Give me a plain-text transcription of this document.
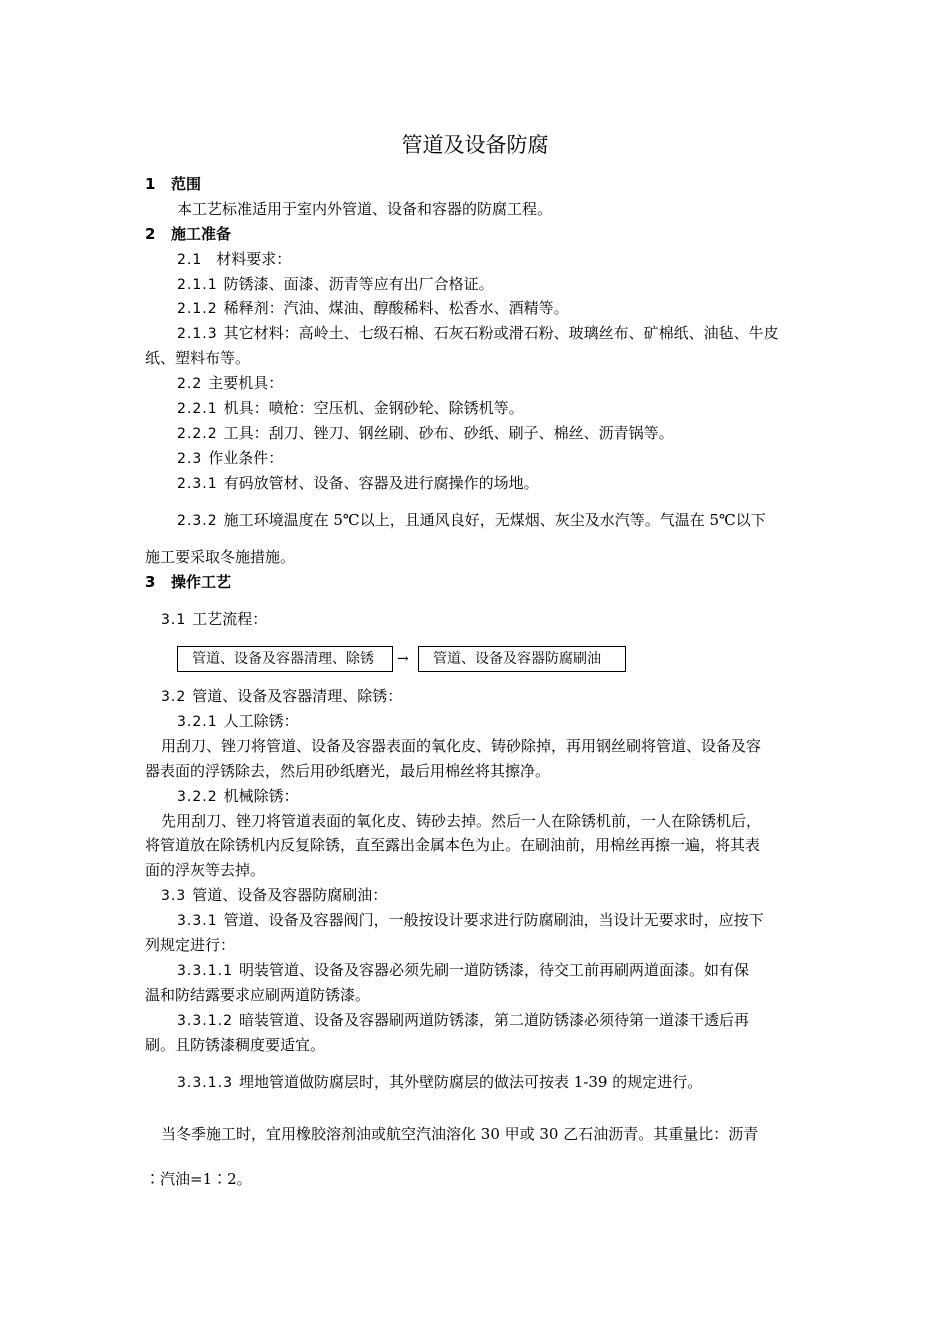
管道及设备防腐
1 范围
本工艺标准适用于室内外管道、设备和容器的防腐工程。
2 施工准备
2.1 材料要求：
2.1.1 防锈漆、面漆、沥青等应有出厂合格证。
2.1.2 稀释剂：汽油、煤油、醇酸稀料、松香水、酒精等。
2.1.3 其它材料：高岭土、七级石棉、石灰石粉或滑石粉、玻璃丝布、矿棉纸、油毡、牛皮
纸、塑料布等。
2.2 主要机具：
2.2.1 机具：喷枪：空压机、金钢砂轮、除锈机等。
2.2.2 工具：刮刀、锉刀、钢丝刷、砂布、砂纸、刷子、棉丝、沥青锅等。
2.3 作业条件：
2.3.1 有码放管材、设备、容器及进行腐操作的场地。
2.3.2 施工环境温度在 5℃以上，且通风良好，无煤烟、灰尘及水汽等。气温在 5℃以下
施工要采取冬施措施。
3 操作工艺
3.1 工艺流程：
管道、设备及容器清理、除锈	→	管道、设备及容器防腐刷油
3.2 管道、设备及容器清理、除锈：
3.2.1 人工除锈：
用刮刀、锉刀将管道、设备及容器表面的氧化皮、铸砂除掉，再用钢丝刷将管道、设备及容
器表面的浮锈除去，然后用砂纸磨光，最后用棉丝将其擦净。
3.2.2 机械除锈：
先用刮刀、锉刀将管道表面的氧化皮、铸砂去掉。然后一人在除锈机前，一人在除锈机后，
将管道放在除锈机内反复除锈，直至露出金属本色为止。在刷油前，用棉丝再擦一遍，将其表
面的浮灰等去掉。
3.3 管道、设备及容器防腐刷油：
3.3.1 管道、设备及容器阀门，一般按设计要求进行防腐刷油，当设计无要求时，应按下
列规定进行：
3.3.1.1 明装管道、设备及容器必须先刷一道防锈漆，待交工前再刷两道面漆。如有保
温和防结露要求应刷两道防锈漆。
3.3.1.2 暗装管道、设备及容器刷两道防锈漆，第二道防锈漆必须待第一道漆干透后再
刷。且防锈漆稠度要适宜。
3.3.1.3 埋地管道做防腐层时，其外壁防腐层的做法可按表 1-39 的规定进行。
当冬季施工时，宜用橡胶溶剂油或航空汽油溶化 30 甲或 30 乙石油沥青。其重量比：沥青
∶汽油=1∶2。
